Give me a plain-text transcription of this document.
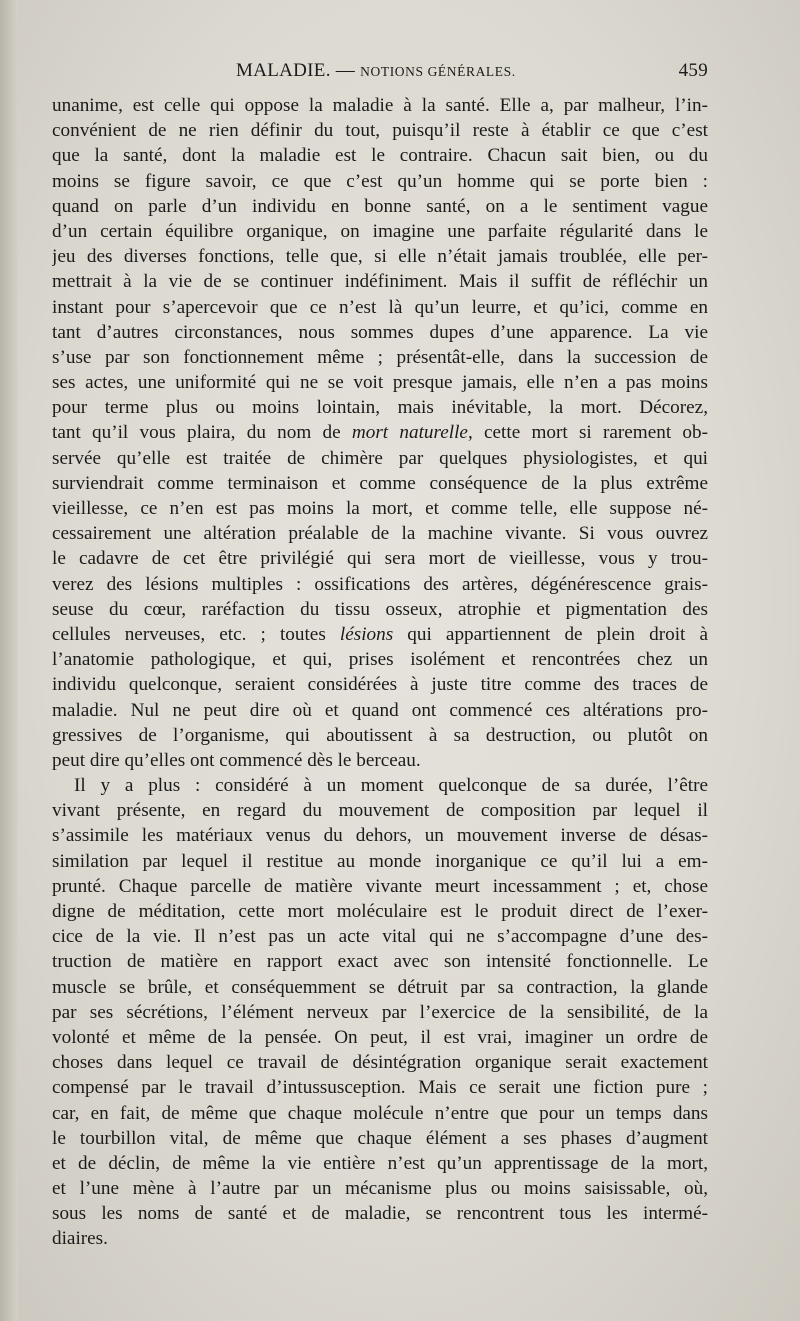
MALADIE. — NOTIONS GÉNÉRALES.	459
unanime, est celle qui oppose la maladie à la santé. Elle a, par malheur, l’in-
convénient de ne rien définir du tout, puisqu’il reste à établir ce que c’est
que la santé, dont la maladie est le contraire. Chacun sait bien, ou du
moins se figure savoir, ce que c’est qu’un homme qui se porte bien :
quand on parle d’un individu en bonne santé, on a le sentiment vague
d’un certain équilibre organique, on imagine une parfaite régularité dans le
jeu des diverses fonctions, telle que, si elle n’était jamais troublée, elle per-
mettrait à la vie de se continuer indéfiniment. Mais il suffit de réfléchir un
instant pour s’apercevoir que ce n’est là qu’un leurre, et qu’ici, comme en
tant d’autres circonstances, nous sommes dupes d’une apparence. La vie
s’use par son fonctionnement même ; présentât-elle, dans la succession de
ses actes, une uniformité qui ne se voit presque jamais, elle n’en a pas moins
pour terme plus ou moins lointain, mais inévitable, la mort. Décorez,
tant qu’il vous plaira, du nom de mort naturelle, cette mort si rarement ob-
servée qu’elle est traitée de chimère par quelques physiologistes, et qui
surviendrait comme terminaison et comme conséquence de la plus extrême
vieillesse, ce n’en est pas moins la mort, et comme telle, elle suppose né-
cessairement une altération préalable de la machine vivante. Si vous ouvrez
le cadavre de cet être privilégié qui sera mort de vieillesse, vous y trou-
verez des lésions multiples : ossifications des artères, dégénérescence grais-
seuse du cœur, raréfaction du tissu osseux, atrophie et pigmentation des
cellules nerveuses, etc. ; toutes lésions qui appartiennent de plein droit à
l’anatomie pathologique, et qui, prises isolément et rencontrées chez un
individu quelconque, seraient considérées à juste titre comme des traces de
maladie. Nul ne peut dire où et quand ont commencé ces altérations pro-
gressives de l’organisme, qui aboutissent à sa destruction, ou plutôt on
peut dire qu’elles ont commencé dès le berceau.
Il y a plus : considéré à un moment quelconque de sa durée, l’être
vivant présente, en regard du mouvement de composition par lequel il
s’assimile les matériaux venus du dehors, un mouvement inverse de désas-
similation par lequel il restitue au monde inorganique ce qu’il lui a em-
prunté. Chaque parcelle de matière vivante meurt incessamment ; et, chose
digne de méditation, cette mort moléculaire est le produit direct de l’exer-
cice de la vie. Il n’est pas un acte vital qui ne s’accompagne d’une des-
truction de matière en rapport exact avec son intensité fonctionnelle. Le
muscle se brûle, et conséquemment se détruit par sa contraction, la glande
par ses sécrétions, l’élément nerveux par l’exercice de la sensibilité, de la
volonté et même de la pensée. On peut, il est vrai, imaginer un ordre de
choses dans lequel ce travail de désintégration organique serait exactement
compensé par le travail d’intussusception. Mais ce serait une fiction pure ;
car, en fait, de même que chaque molécule n’entre que pour un temps dans
le tourbillon vital, de même que chaque élément a ses phases d’augment
et de déclin, de même la vie entière n’est qu’un apprentissage de la mort,
et l’une mène à l’autre par un mécanisme plus ou moins saisissable, où,
sous les noms de santé et de maladie, se rencontrent tous les intermé-
diaires.
